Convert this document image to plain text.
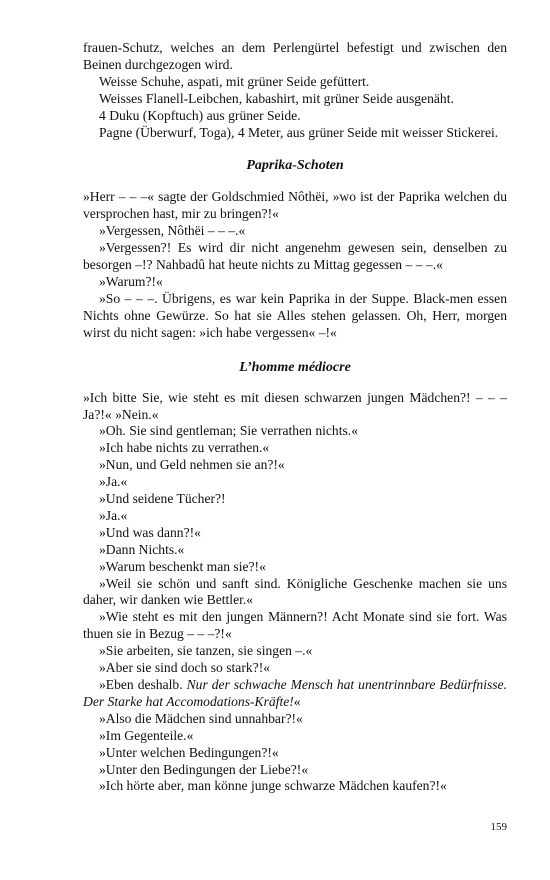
frauen-Schutz, welches an dem Perlengürtel befestigt und zwischen den Beinen durchgezogen wird.

Weisse Schuhe, aspati, mit grüner Seide gefüttert.

Weisses Flanell-Leibchen, kabashirt, mit grüner Seide ausgenäht.

4 Duku (Kopftuch) aus grüner Seide.

Pagne (Überwurf, Toga), 4 Meter, aus grüner Seide mit weisser Stickerei.

Paprika-Schoten

»Herr – – –« sagte der Goldschmied Nôthëi, »wo ist der Paprika welchen du versprochen hast, mir zu bringen?!«

»Vergessen, Nôthëi – – –.«

»Vergessen?! Es wird dir nicht angenehm gewesen sein, denselben zu besorgen –!? Nahbadû hat heute nichts zu Mittag gegessen – – –.«

»Warum?!«

»So – – –. Übrigens, es war kein Paprika in der Suppe. Black-men essen Nichts ohne Gewürze. So hat sie Alles stehen gelassen. Oh, Herr, morgen wirst du nicht sagen: »ich habe vergessen« –!«

L’homme médiocre

»Ich bitte Sie, wie steht es mit diesen schwarzen jungen Mädchen?! – – – Ja?!« »Nein.«

»Oh. Sie sind gentleman; Sie verrathen nichts.«

»Ich habe nichts zu verrathen.«

»Nun, und Geld nehmen sie an?!«

»Ja.«

»Und seidene Tücher?!

»Ja.«

»Und was dann?!«

»Dann Nichts.«

»Warum beschenkt man sie?!«

»Weil sie schön und sanft sind. Königliche Geschenke machen sie uns daher, wir danken wie Bettler.«

»Wie steht es mit den jungen Männern?! Acht Monate sind sie fort. Was thuen sie in Bezug – – –?!«

»Sie arbeiten, sie tanzen, sie singen –.«

»Aber sie sind doch so stark?!«

»Eben deshalb. Nur der schwache Mensch hat unentrinnbare Bedürfnisse. Der Starke hat Accomodations-Kräfte!«

»Also die Mädchen sind unnahbar?!«

»Im Gegenteile.«

»Unter welchen Bedingungen?!«

»Unter den Bedingungen der Liebe?!«

»Ich hörte aber, man könne junge schwarze Mädchen kaufen?!«

159
